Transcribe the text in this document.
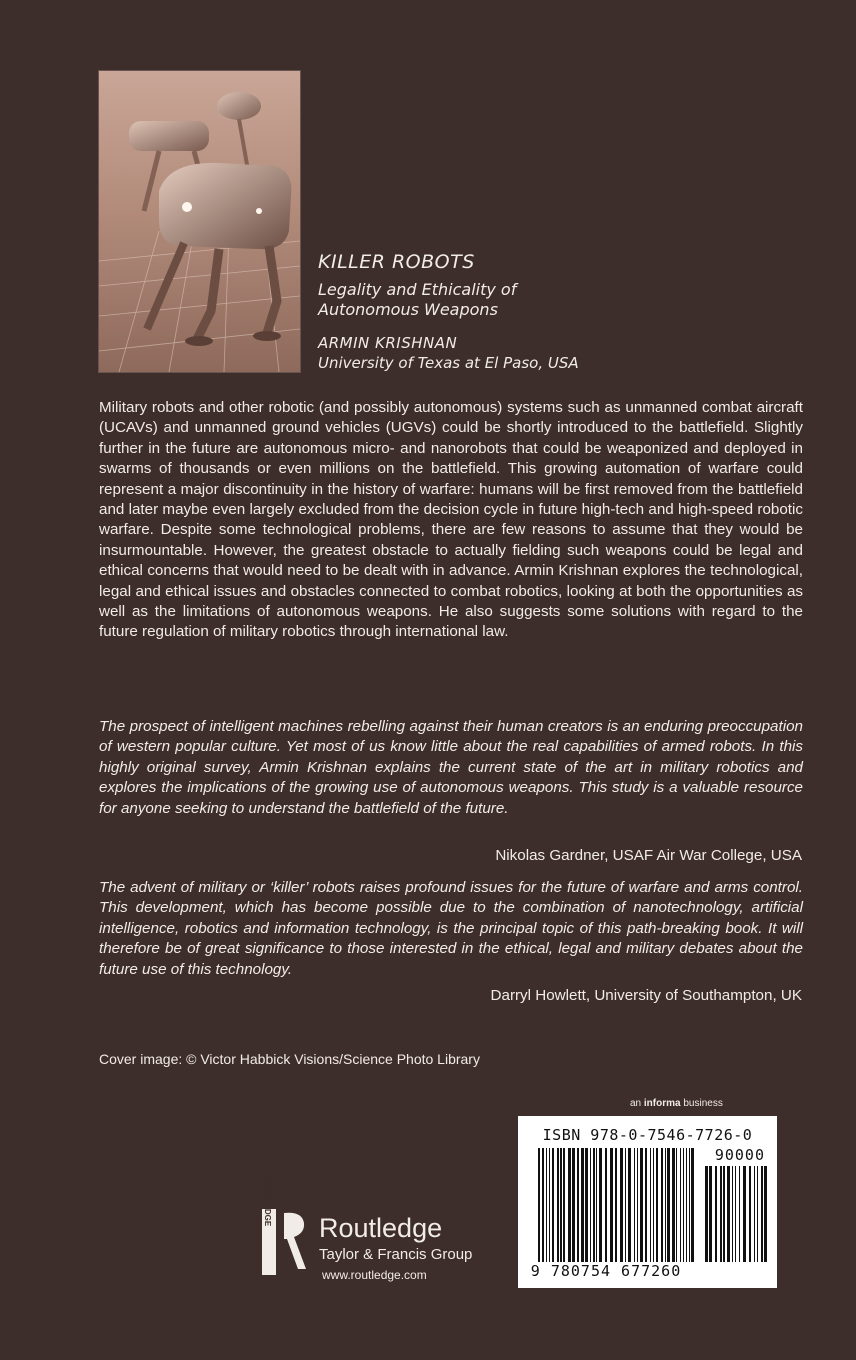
KILLER ROBOTS

Legality and Ethicality of
Autonomous Weapons

ARMIN KRISHNAN

University of Texas at El Paso, USA

Military robots and other robotic (and possibly autonomous) systems such as unmanned combat aircraft (UCAVs) and unmanned ground vehicles (UGVs) could be shortly introduced to the battlefield. Slightly further in the future are autonomous micro- and nanorobots that could be weaponized and deployed in swarms of thousands or even millions on the battlefield. This growing automation of warfare could represent a major discontinuity in the history of warfare: humans will be first removed from the battlefield and later maybe even largely excluded from the decision cycle in future high-tech and high-speed robotic warfare. Despite some technological problems, there are few reasons to assume that they would be insurmountable. However, the greatest obstacle to actually fielding such weapons could be legal and ethical concerns that would need to be dealt with in advance. Armin Krishnan explores the technological, legal and ethical issues and obstacles connected to combat robotics, looking at both the opportunities as well as the limitations of autonomous weapons. He also suggests some solutions with regard to the future regulation of military robotics through international law.

The prospect of intelligent machines rebelling against their human creators is an enduring preoccupation of western popular culture. Yet most of us know little about the real capabilities of armed robots. In this highly original survey, Armin Krishnan explains the current state of the art in military robotics and explores the implications of the growing use of autonomous weapons. This study is a valuable resource for anyone seeking to understand the battlefield of the future.

Nikolas Gardner, USAF Air War College, USA

The advent of military or ‘killer’ robots raises profound issues for the future of warfare and arms control. This development, which has become possible due to the combination of nanotechnology, artificial intelligence, robotics and information technology, is the principal topic of this path-breaking book. It will therefore be of great significance to those interested in the ethical, legal and military debates about the future use of this technology.

Darryl Howlett, University of Southampton, UK
Cover image: © Victor Habbick Visions/Science Photo Library
an informa business
ISBN 978-0-7546-7726-0
90000
9 780754 677260
ROUTLEDGE

Routledge

Taylor & Francis Group

www.routledge.com
